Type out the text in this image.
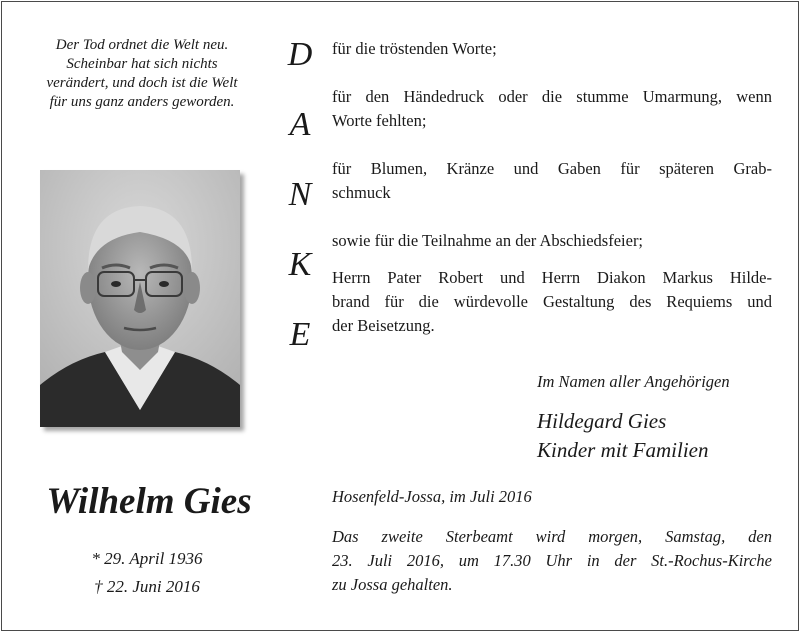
Der Tod ordnet die Welt neu.
Scheinbar hat sich nichts
verändert, und doch ist die Welt
für uns ganz anders geworden.
Wilhelm Gies
* 29. April 1936
† 22. Juni 2016
D
A
N
K
E

für die tröstenden Worte;

für den Händedruck oder die stumme Umarmung, wenn

Worte fehlten;

für Blumen, Kränze und Gaben für späteren Grab-

schmuck

sowie für die Teilnahme an der Abschiedsfeier;

Herrn Pater Robert und Herrn Diakon Markus Hilde-

brand für die würdevolle Gestaltung des Requiems und

der Beisetzung.

Im Namen aller Angehörigen
Hildegard Gies
Kinder mit Familien
Hosenfeld-Jossa, im Juli 2016
Das zweite Sterbeamt wird morgen, Samstag, den
23. Juli 2016, um 17.30 Uhr in der St.-Rochus-Kirche
zu Jossa gehalten.
